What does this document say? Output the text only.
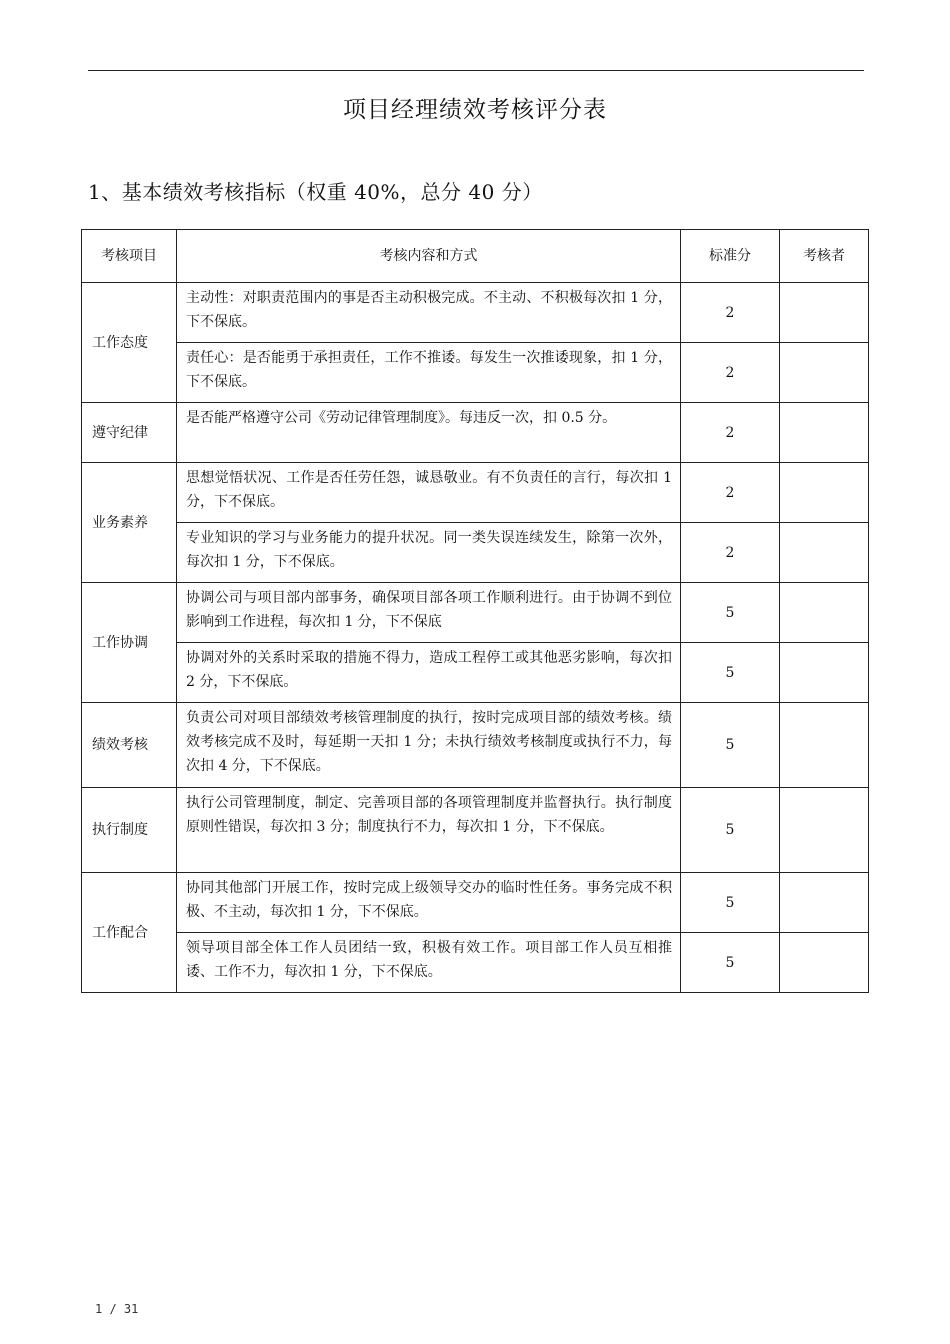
项目经理绩效考核评分表
1、基本绩效考核指标（权重 40%，总分 40 分）
考核项目	考核内容和方式	标准分	考核者
工作态度	主动性：对职责范围内的事是否主动积极完成。不主动、不积极每次扣 1 分，下不保底。	2	
	责任心：是否能勇于承担责任，工作不推诿。每发生一次推诿现象，扣 1 分，下不保底。	2	
遵守纪律	是否能严格遵守公司《劳动记律管理制度》。每违反一次，扣 0.5 分。	2	
业务素养	思想觉悟状况、工作是否任劳任怨，诚恳敬业。有不负责任的言行，每次扣 1 分，下不保底。	2	
	专业知识的学习与业务能力的提升状况。同一类失误连续发生，除第一次外，每次扣 1 分，下不保底。	2	
工作协调	协调公司与项目部内部事务，确保项目部各项工作顺利进行。由于协调不到位影响到工作进程，每次扣 1 分，下不保底	5	
	协调对外的关系时采取的措施不得力，造成工程停工或其他恶劣影响，每次扣 2 分，下不保底。	5	
绩效考核	负责公司对项目部绩效考核管理制度的执行，按时完成项目部的绩效考核。绩效考核完成不及时，每延期一天扣 1 分；未执行绩效考核制度或执行不力，每次扣 4 分，下不保底。	5	
执行制度	执行公司管理制度，制定、完善项目部的各项管理制度并监督执行。执行制度原则性错误，每次扣 3 分；制度执行不力，每次扣 1 分，下不保底。	5	
工作配合	协同其他部门开展工作，按时完成上级领导交办的临时性任务。事务完成不积极、不主动，每次扣 1 分，下不保底。	5	
	领导项目部全体工作人员团结一致，积极有效工作。项目部工作人员互相推诿、工作不力，每次扣 1 分，下不保底。	5	
1 / 31
